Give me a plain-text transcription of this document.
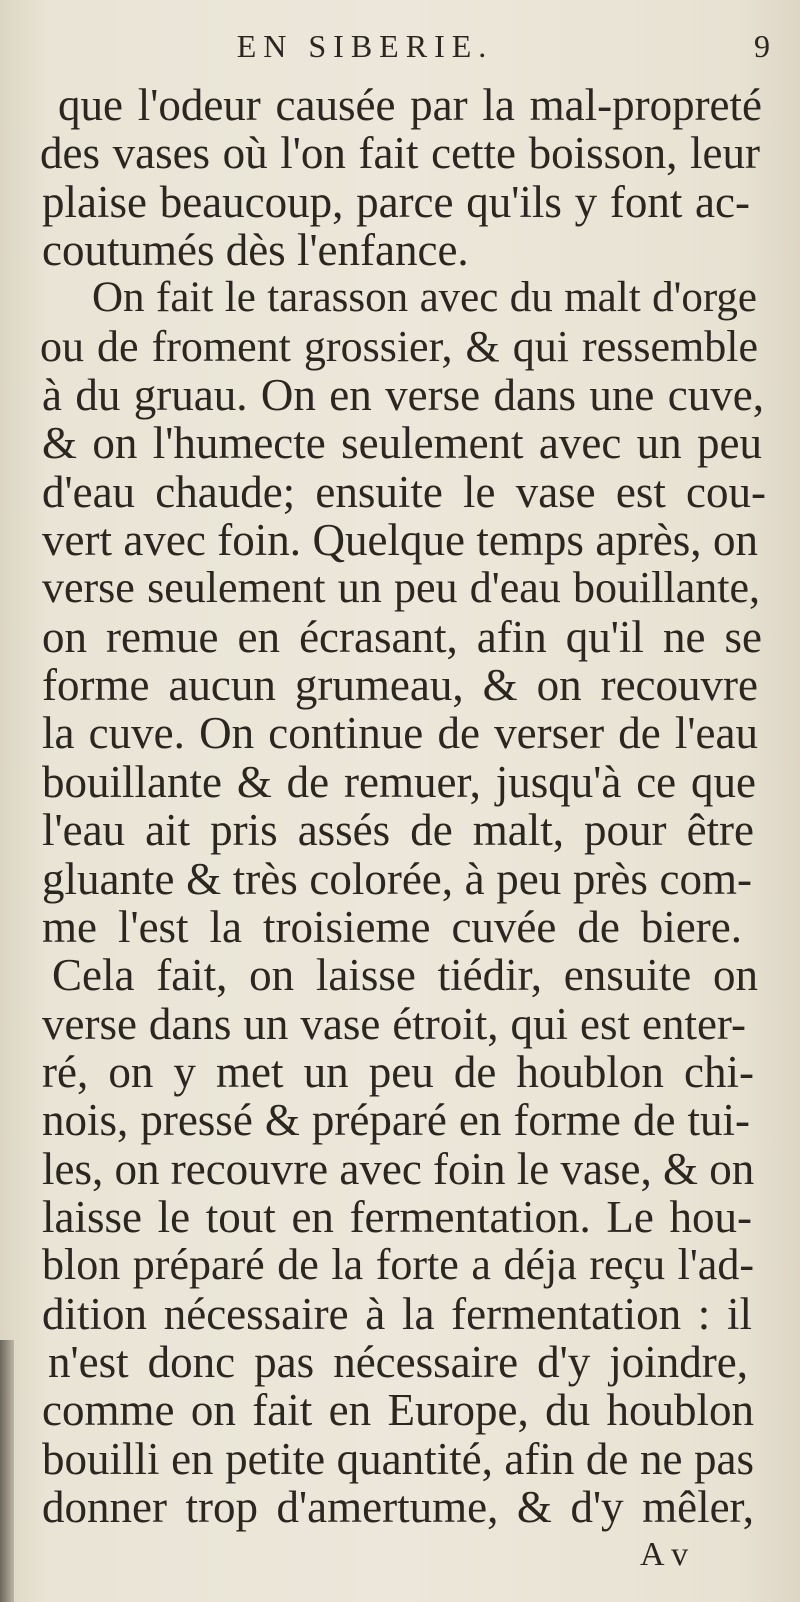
EN SIBERIE.	9
que l'odeur causée par la mal-propreté
des vases où l'on fait cette boisson, leur
plaise beaucoup, parce qu'ils y font ac-
coutumés dès l'enfance.
On fait le tarasson avec du malt d'orge
ou de froment grossier, & qui ressemble
à du gruau. On en verse dans une cuve,
& on l'humecte seulement avec un peu
d'eau chaude; ensuite le vase est cou-
vert avec foin. Quelque temps après, on
verse seulement un peu d'eau bouillante,
on remue en écrasant, afin qu'il ne se
forme aucun grumeau, & on recouvre
la cuve. On continue de verser de l'eau
bouillante & de remuer, jusqu'à ce que
l'eau ait pris assés de malt, pour être
gluante & très colorée, à peu près com-
me l'est la troisieme cuvée de biere.
Cela fait, on laisse tiédir, ensuite on
verse dans un vase étroit, qui est enter-
ré, on y met un peu de houblon chi-
nois, pressé & préparé en forme de tui-
les, on recouvre avec foin le vase, & on
laisse le tout en fermentation. Le hou-
blon préparé de la forte a déja reçu l'ad-
dition nécessaire à la fermentation : il
n'est donc pas nécessaire d'y joindre,
comme on fait en Europe, du houblon
bouilli en petite quantité, afin de ne pas
donner trop d'amertume, & d'y mêler,
A v
